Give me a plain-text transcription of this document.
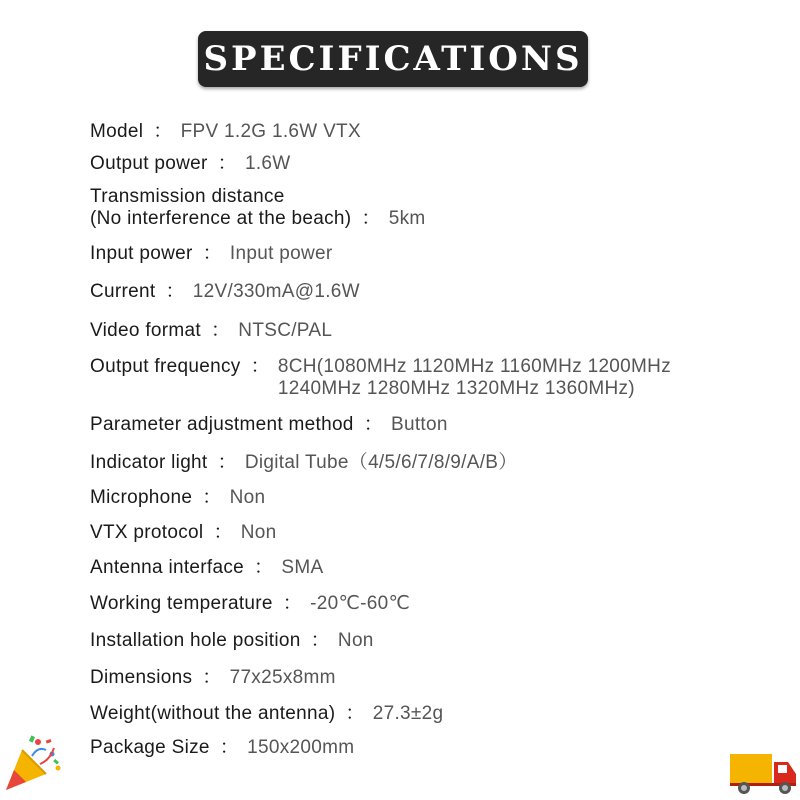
SPECIFICATIONS
Model ： FPV 1.2G 1.6W VTX
Output power ： 1.6W
Transmission distance
(No interference at the beach) ： 5km
Input power ： Input power
Current ： 12V/330mA@1.6W
Video format ： NTSC/PAL
Output frequency ： 8CH(1080MHz 1120MHz 1160MHz 1200MHz
1240MHz 1280MHz 1320MHz 1360MHz)
Parameter adjustment method ： Button
Indicator light ： Digital Tube（4/5/6/7/8/9/A/B）
Microphone ： Non
VTX protocol ： Non
Antenna interface ： SMA
Working temperature ： -20℃-60℃
Installation hole position ： Non
Dimensions ： 77x25x8mm
Weight(without the antenna) ： 27.3±2g
Package Size ： 150x200mm
